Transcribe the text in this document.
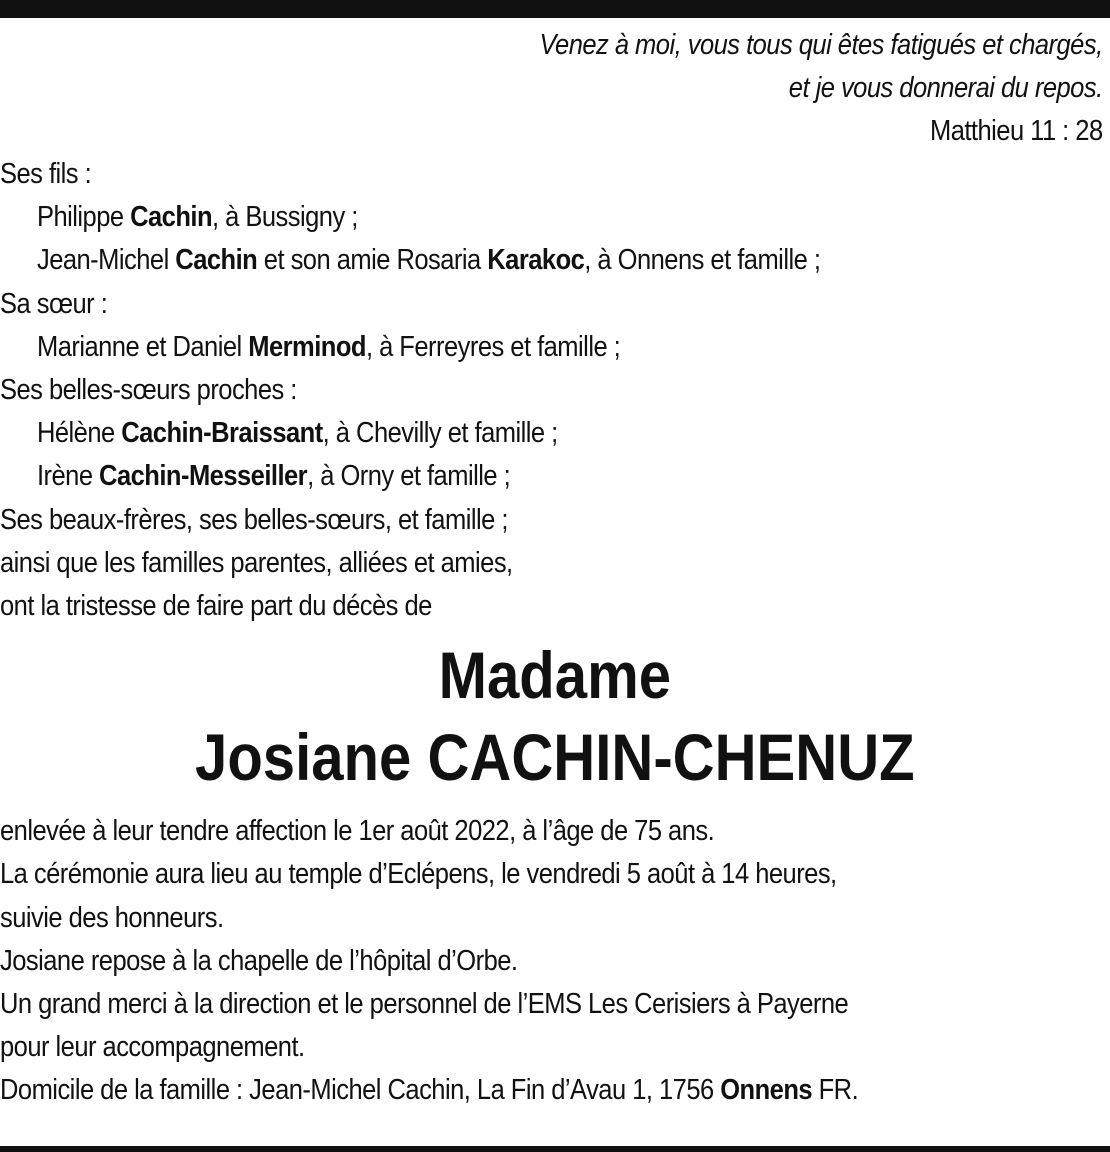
Venez à moi, vous tous qui êtes fatigués et chargés,
et je vous donnerai du repos.
Matthieu 11 : 28
Ses fils :
Philippe Cachin, à Bussigny ;
Jean-Michel Cachin et son amie Rosaria Karakoc, à Onnens et famille ;
Sa sœur :
Marianne et Daniel Merminod, à Ferreyres et famille ;
Ses belles-sœurs proches :
Hélène Cachin-Braissant, à Chevilly et famille ;
Irène Cachin-Messeiller, à Orny et famille ;
Ses beaux-frères, ses belles-sœurs, et famille ;
ainsi que les familles parentes, alliées et amies,
ont la tristesse de faire part du décès de
Madame
Josiane CACHIN-CHENUZ
enlevée à leur tendre affection le 1er août 2022, à l’âge de 75 ans.
La cérémonie aura lieu au temple d’Eclépens, le vendredi 5 août à 14 heures,
suivie des honneurs.
Josiane repose à la chapelle de l’hôpital d’Orbe.
Un grand merci à la direction et le personnel de l’EMS Les Cerisiers à Payerne
pour leur accompagnement.
Domicile de la famille : Jean-Michel Cachin, La Fin d’Avau 1, 1756 Onnens FR.
